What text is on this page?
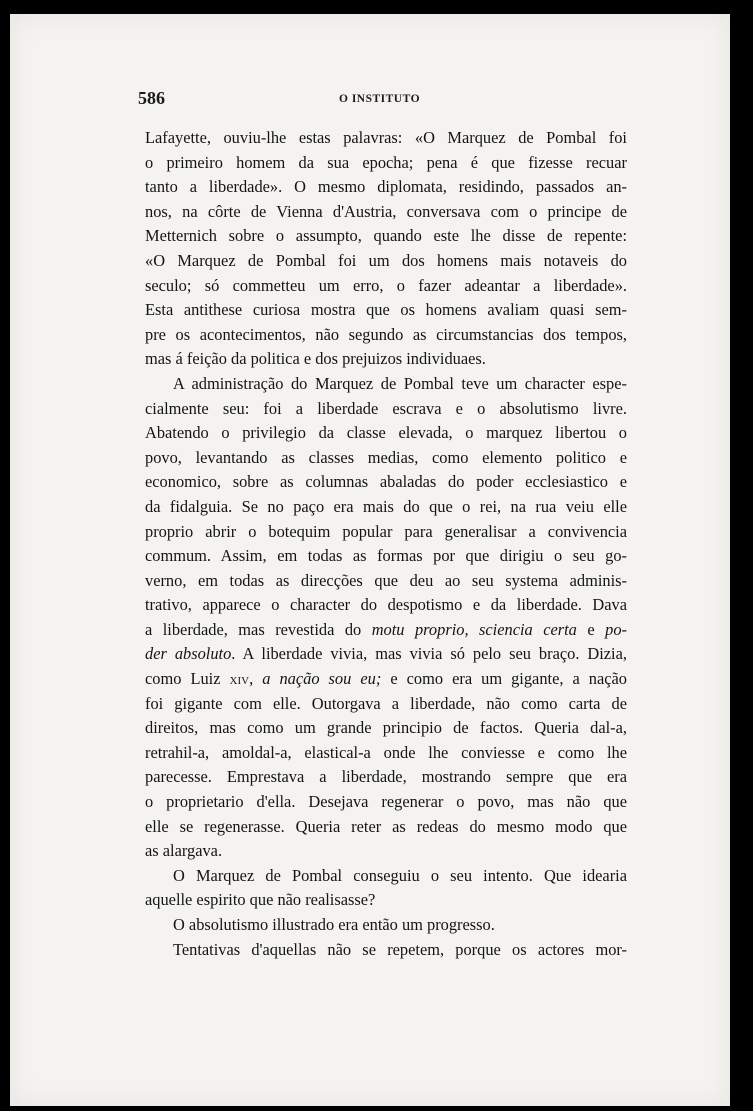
586	O INSTITUTO
Lafayette, ouviu-lhe estas palavras: «O Marquez de Pombal foi
o primeiro homem da sua epocha; pena é que fizesse recuar
tanto a liberdade». O mesmo diplomata, residindo, passados an-
nos, na côrte de Vienna d'Austria, conversava com o principe de
Metternich sobre o assumpto, quando este lhe disse de repente:
«O Marquez de Pombal foi um dos homens mais notaveis do
seculo; só commetteu um erro, o fazer adeantar a liberdade».
Esta antithese curiosa mostra que os homens avaliam quasi sem-
pre os acontecimentos, não segundo as circumstancias dos tempos,
mas á feição da politica e dos prejuizos individuaes.
A administração do Marquez de Pombal teve um character espe-
cialmente seu: foi a liberdade escrava e o absolutismo livre.
Abatendo o privilegio da classe elevada, o marquez libertou o
povo, levantando as classes medias, como elemento politico e
economico, sobre as columnas abaladas do poder ecclesiastico e
da fidalguia. Se no paço era mais do que o rei, na rua veiu elle
proprio abrir o botequim popular para generalisar a convivencia
commum. Assim, em todas as formas por que dirigiu o seu go-
verno, em todas as direcções que deu ao seu systema adminis-
trativo, apparece o character do despotismo e da liberdade. Dava
a liberdade, mas revestida do motu proprio, sciencia certa e po-
der absoluto. A liberdade vivia, mas vivia só pelo seu braço. Dizia,
como Luiz xiv, a nação sou eu; e como era um gigante, a nação
foi gigante com elle. Outorgava a liberdade, não como carta de
direitos, mas como um grande principio de factos. Queria dal-a,
retrahil-a, amoldal-a, elastical-a onde lhe conviesse e como lhe
parecesse. Emprestava a liberdade, mostrando sempre que era
o proprietario d'ella. Desejava regenerar o povo, mas não que
elle se regenerasse. Queria reter as redeas do mesmo modo que
as alargava.
O Marquez de Pombal conseguiu o seu intento. Que idearia
aquelle espirito que não realisasse?
O absolutismo illustrado era então um progresso.
Tentativas d'aquellas não se repetem, porque os actores mor-
